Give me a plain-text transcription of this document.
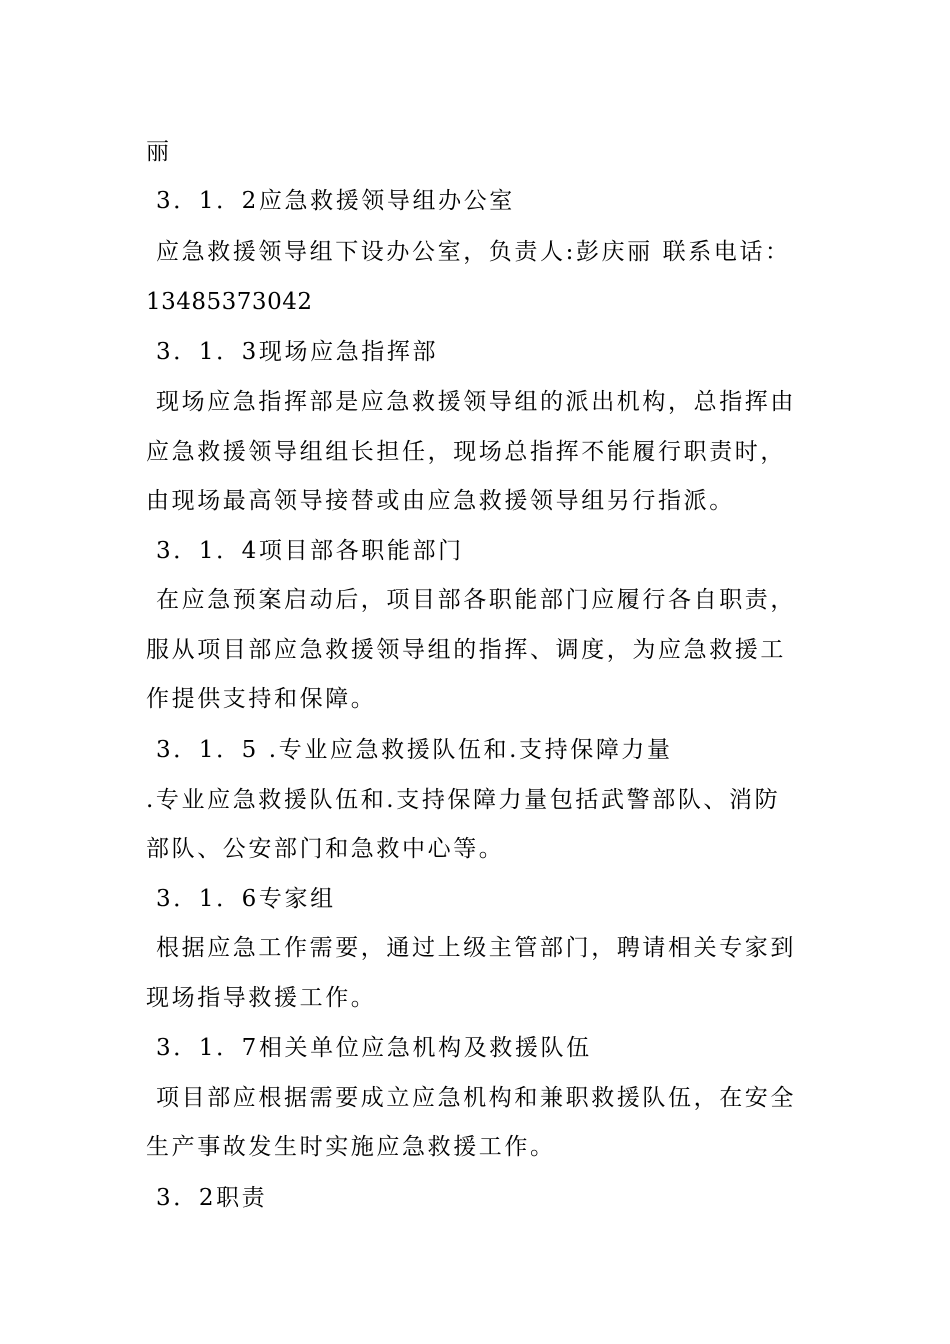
丽
3．1．2应急救援领导组办公室
应急救援领导组下设办公室，负责人:彭庆丽 联系电话：
13485373042
3．1．3现场应急指挥部
现场应急指挥部是应急救援领导组的派出机构，总指挥由
应急救援领导组组长担任，现场总指挥不能履行职责时，
由现场最高领导接替或由应急救援领导组另行指派。
3．1．4项目部各职能部门
在应急预案启动后，项目部各职能部门应履行各自职责，
服从项目部应急救援领导组的指挥、调度，为应急救援工
作提供支持和保障。
3．1．5 .专业应急救援队伍和.支持保障力量
.专业应急救援队伍和.支持保障力量包括武警部队、消防
部队、公安部门和急救中心等。
3．1．6专家组
根据应急工作需要，通过上级主管部门，聘请相关专家到
现场指导救援工作。
3．1．7相关单位应急机构及救援队伍
项目部应根据需要成立应急机构和兼职救援队伍，在安全
生产事故发生时实施应急救援工作。
3．2职责
